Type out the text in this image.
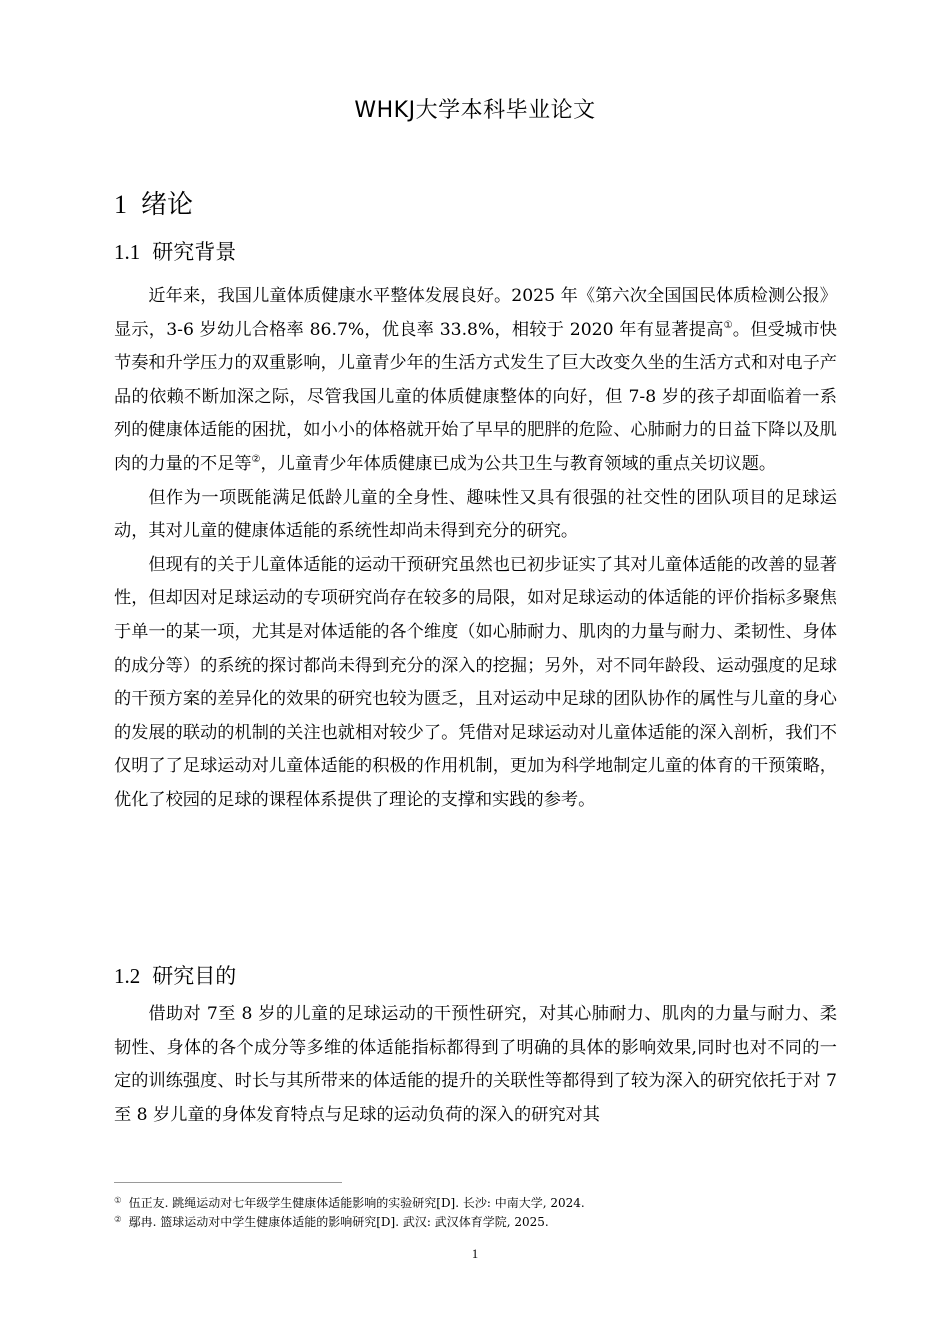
WHKJ大学本科毕业论文
1 绪论
1.1 研究背景

近年来，我国儿童体质健康水平整体发展良好。2025 年《第六次全国国民体质检测公报》显示，3-6 岁幼儿合格率 86.7%，优良率 33.8%，相较于 2020 年有显著提高①。但受城市快节奏和升学压力的双重影响，儿童青少年的生活方式发生了巨大改变久坐的生活方式和对电子产品的依赖不断加深之际，尽管我国儿童的体质健康整体的向好，但 7-8 岁的孩子却面临着一系列的健康体适能的困扰，如小小的体格就开始了早早的肥胖的危险、心肺耐力的日益下降以及肌肉的力量的不足等②，儿童青少年体质健康已成为公共卫生与教育领域的重点关切议题。

但作为一项既能满足低龄儿童的全身性、趣味性又具有很强的社交性的团队项目的足球运动，其对儿童的健康体适能的系统性却尚未得到充分的研究。

但现有的关于儿童体适能的运动干预研究虽然也已初步证实了其对儿童体适能的改善的显著性，但却因对足球运动的专项研究尚存在较多的局限，如对足球运动的体适能的评价指标多聚焦于单一的某一项，尤其是对体适能的各个维度（如心肺耐力、肌肉的力量与耐力、柔韧性、身体的成分等）的系统的探讨都尚未得到充分的深入的挖掘；另外，对不同年龄段、运动强度的足球的干预方案的差异化的效果的研究也较为匮乏，且对运动中足球的团队协作的属性与儿童的身心的发展的联动的机制的关注也就相对较少了。凭借对足球运动对儿童体适能的深入剖析，我们不仅明了了足球运动对儿童体适能的积极的作用机制，更加为科学地制定儿童的体育的干预策略，优化了校园的足球的课程体系提供了理论的支撑和实践的参考。

1.2 研究目的

借助对 7至 8 岁的儿童的足球运动的干预性研究，对其心肺耐力、肌肉的力量与耐力、柔韧性、身体的各个成分等多维的体适能指标都得到了明确的具体的影响效果,同时也对不同的一定的训练强度、时长与其所带来的体适能的提升的关联性等都得到了较为深入的研究依托于对 7至 8 岁儿童的身体发育特点与足球的运动负荷的深入的研究对其

① 伍正友. 跳绳运动对七年级学生健康体适能影响的实验研究[D]. 长沙: 中南大学, 2024.
② 鄢冉. 篮球运动对中学生健康体适能的影响研究[D]. 武汉: 武汉体育学院, 2025.
1
